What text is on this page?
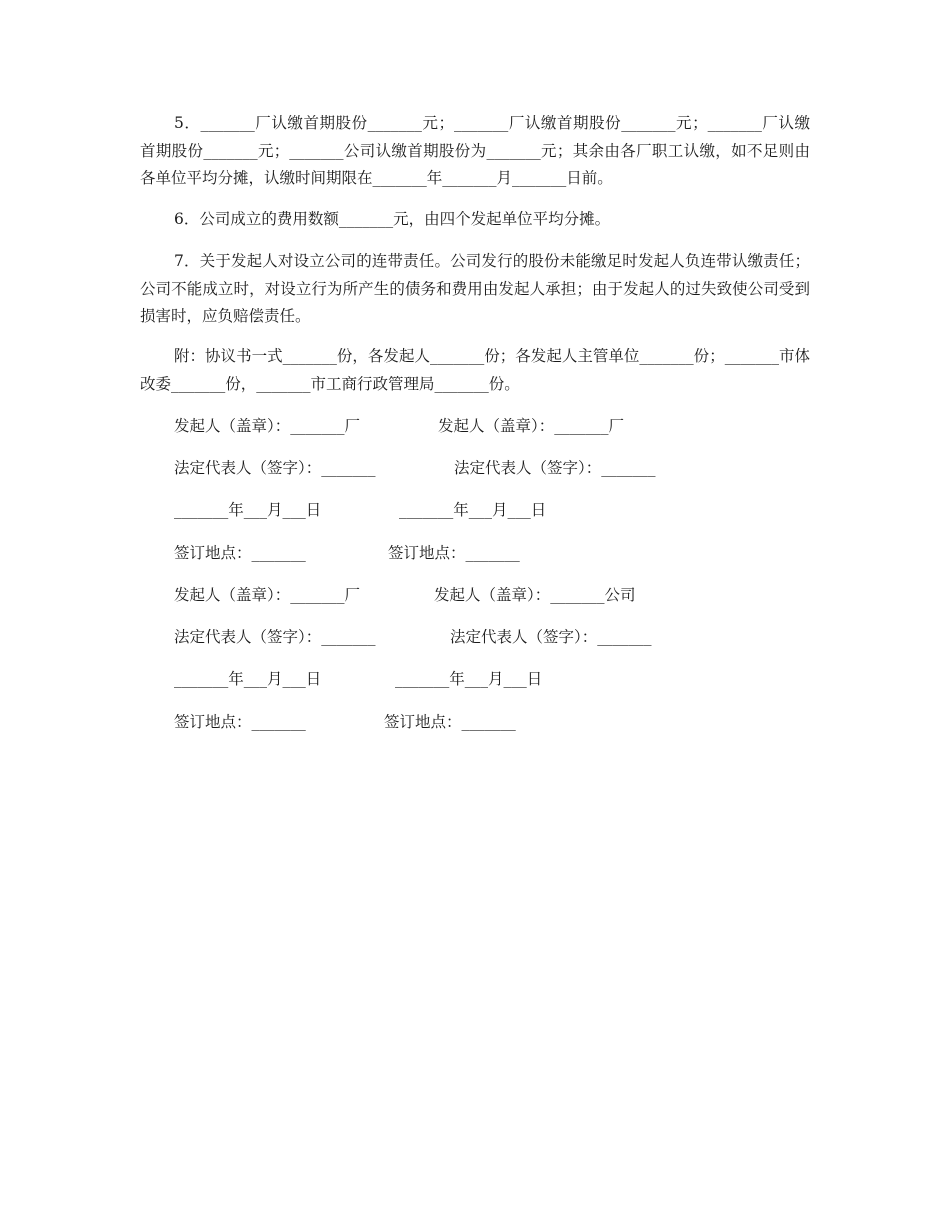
5．_______厂认缴首期股份_______元；_______厂认缴首期股份_______元；_______厂认缴首期股份_______元；_______公司认缴首期股份为_______元；其余由各厂职工认缴，如不足则由各单位平均分摊，认缴时间期限在_______年_______月_______日前。

6．公司成立的费用数额_______元，由四个发起单位平均分摊。

7．关于发起人对设立公司的连带责任。公司发行的股份未能缴足时发起人负连带认缴责任；公司不能成立时，对设立行为所产生的债务和费用由发起人承担；由于发起人的过失致使公司受到损害时，应负赔偿责任。

附：协议书一式_______份，各发起人_______份；各发起人主管单位_______份；_______市体改委_______份，_______市工商行政管理局_______份。

发起人（盖章）：_______厂	发起人（盖章）：_______厂
法定代表人（签字）：_______	法定代表人（签字）：_______
_______年___月___日	_______年___月___日
签订地点：_______	签订地点：_______
发起人（盖章）：_______厂	发起人（盖章）：_______公司
法定代表人（签字）：_______	法定代表人（签字）：_______
_______年___月___日	_______年___月___日
签订地点：_______	签订地点：_______
